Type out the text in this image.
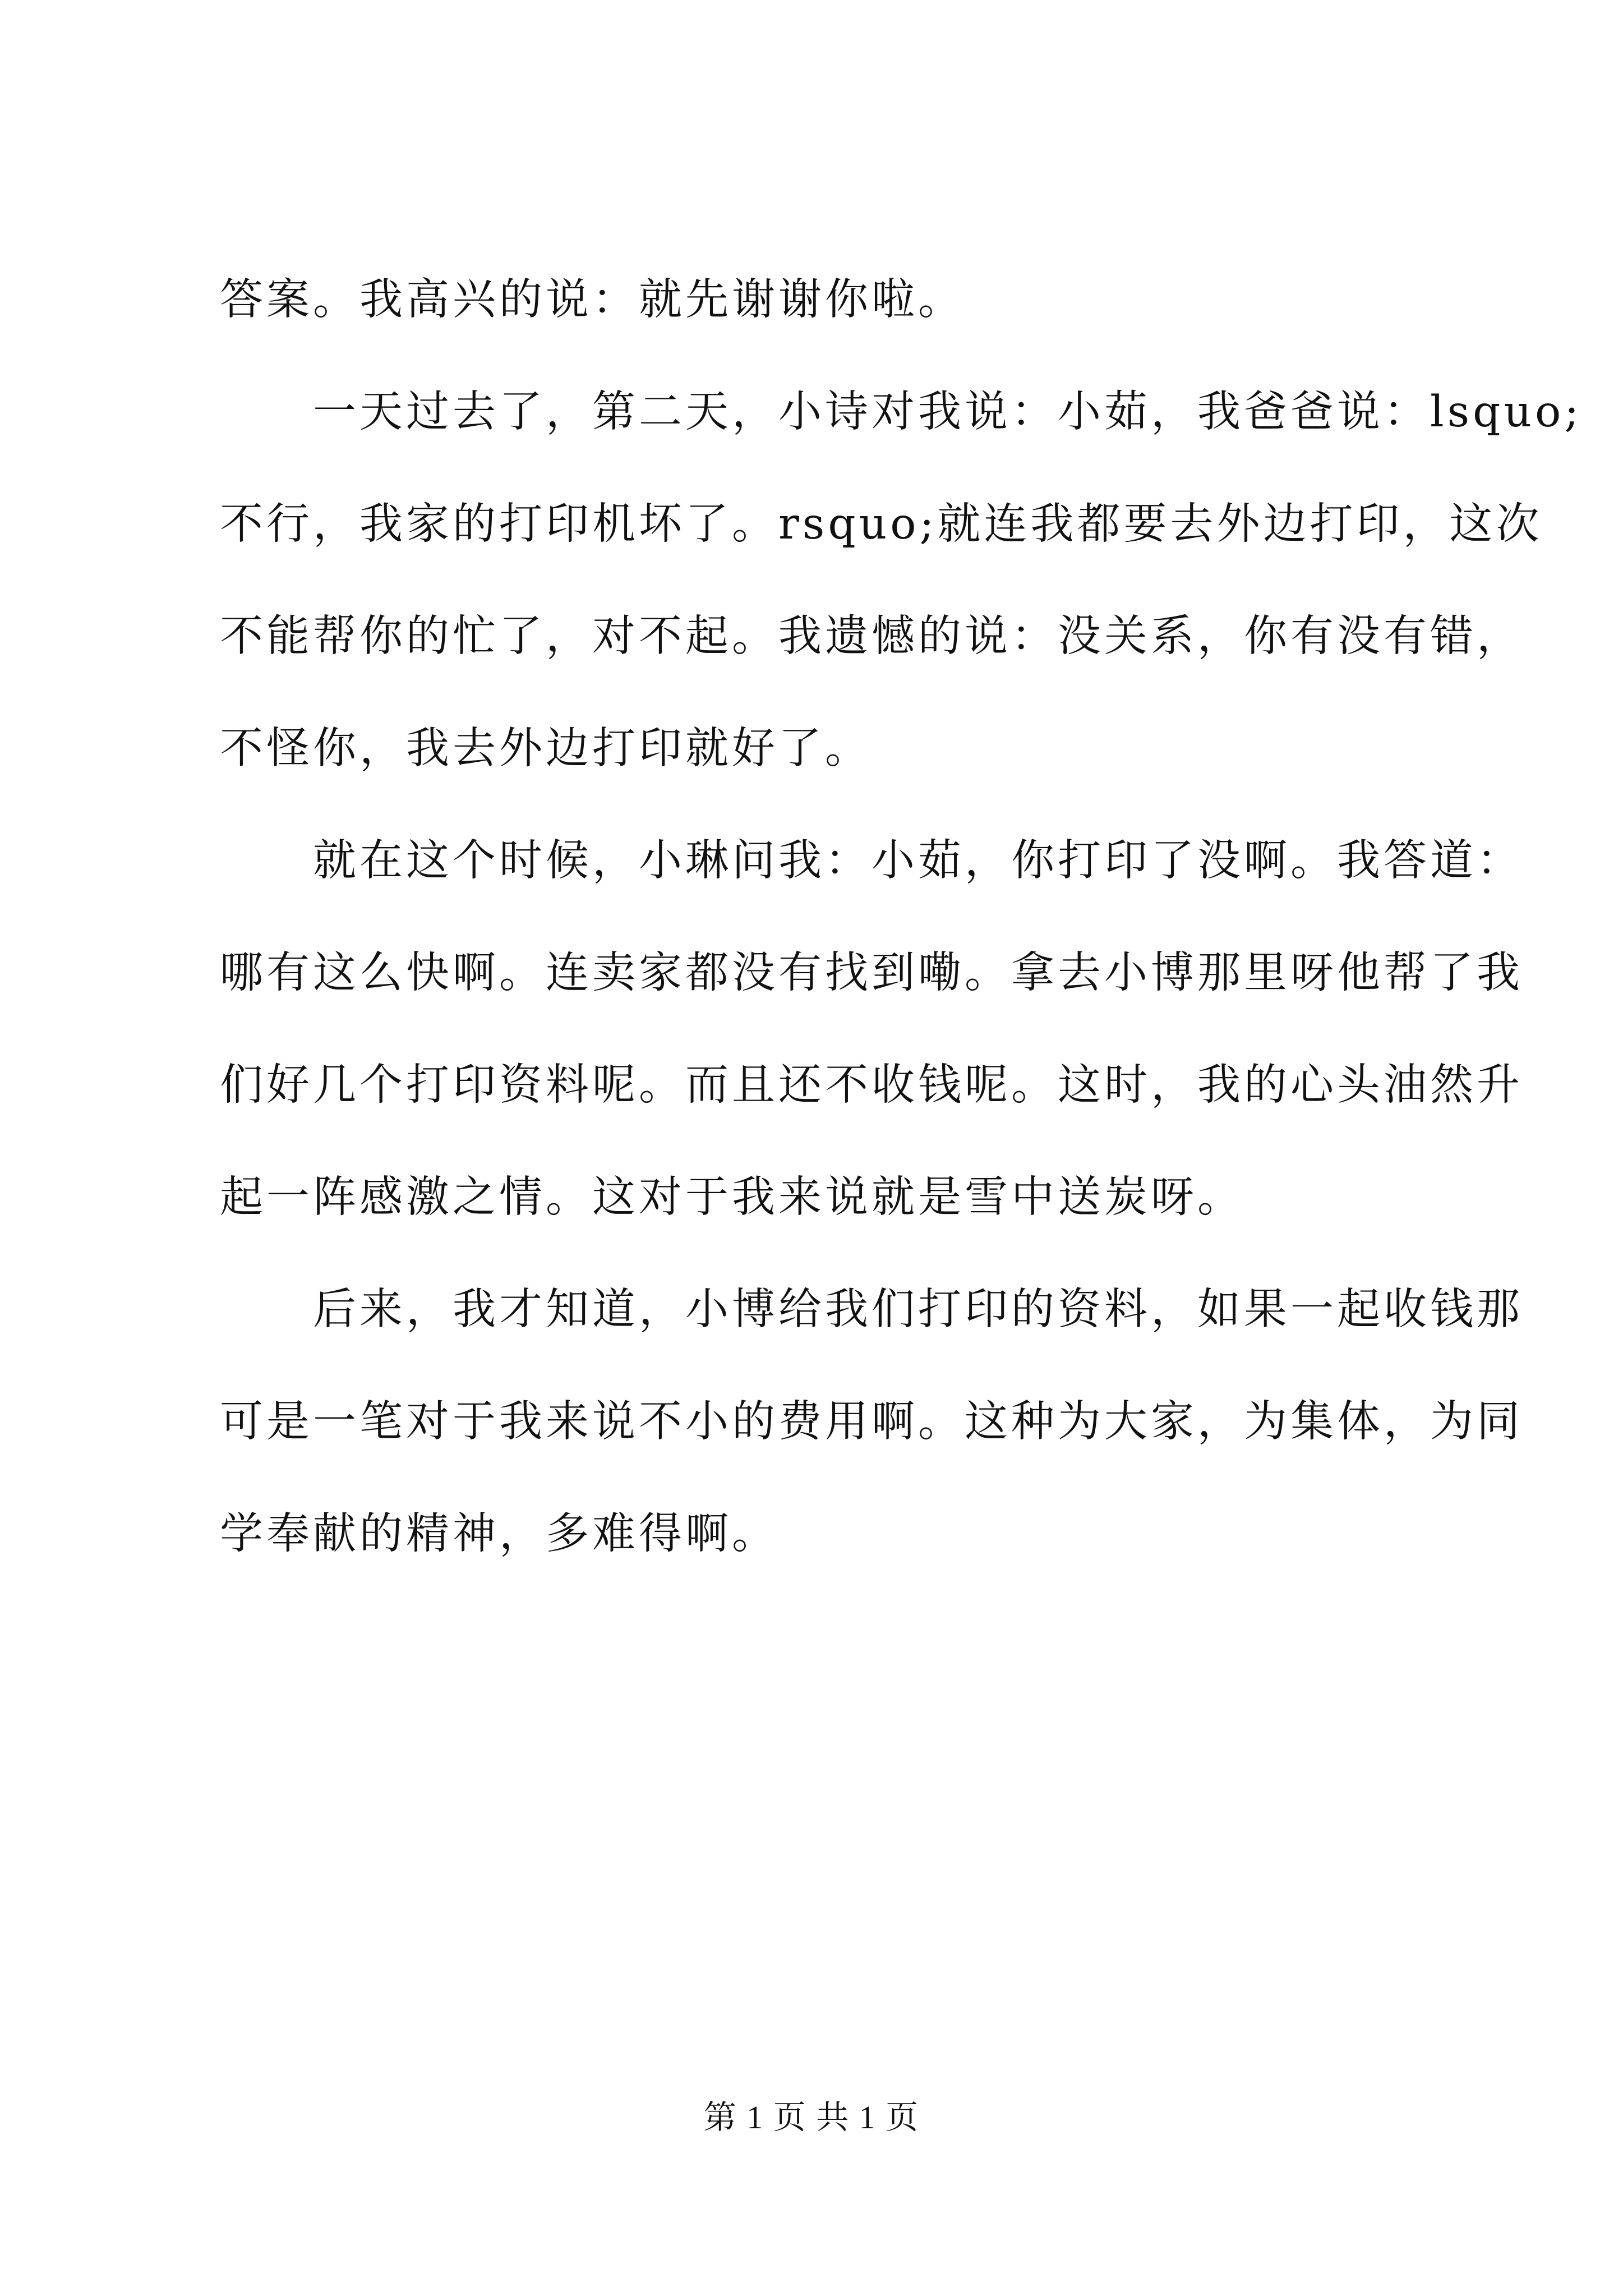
答案。我高兴的说：就先谢谢你啦。
　　一天过去了，第二天，小诗对我说：小茹，我爸爸说：lsquo;
不行，我家的打印机坏了。rsquo;就连我都要去外边打印，这次
不能帮你的忙了，对不起。我遗憾的说：没关系，你有没有错，
不怪你，我去外边打印就好了。
　　就在这个时候，小琳问我：小茹，你打印了没啊。我答道：
哪有这么快啊。连卖家都没有找到嘞。拿去小博那里呀他帮了我
们好几个打印资料呢。而且还不收钱呢。这时，我的心头油然升
起一阵感激之情。这对于我来说就是雪中送炭呀。
　　后来，我才知道，小博给我们打印的资料，如果一起收钱那
可是一笔对于我来说不小的费用啊。这种为大家，为集体，为同
学奉献的精神，多难得啊。
第 1 页 共 1 页
